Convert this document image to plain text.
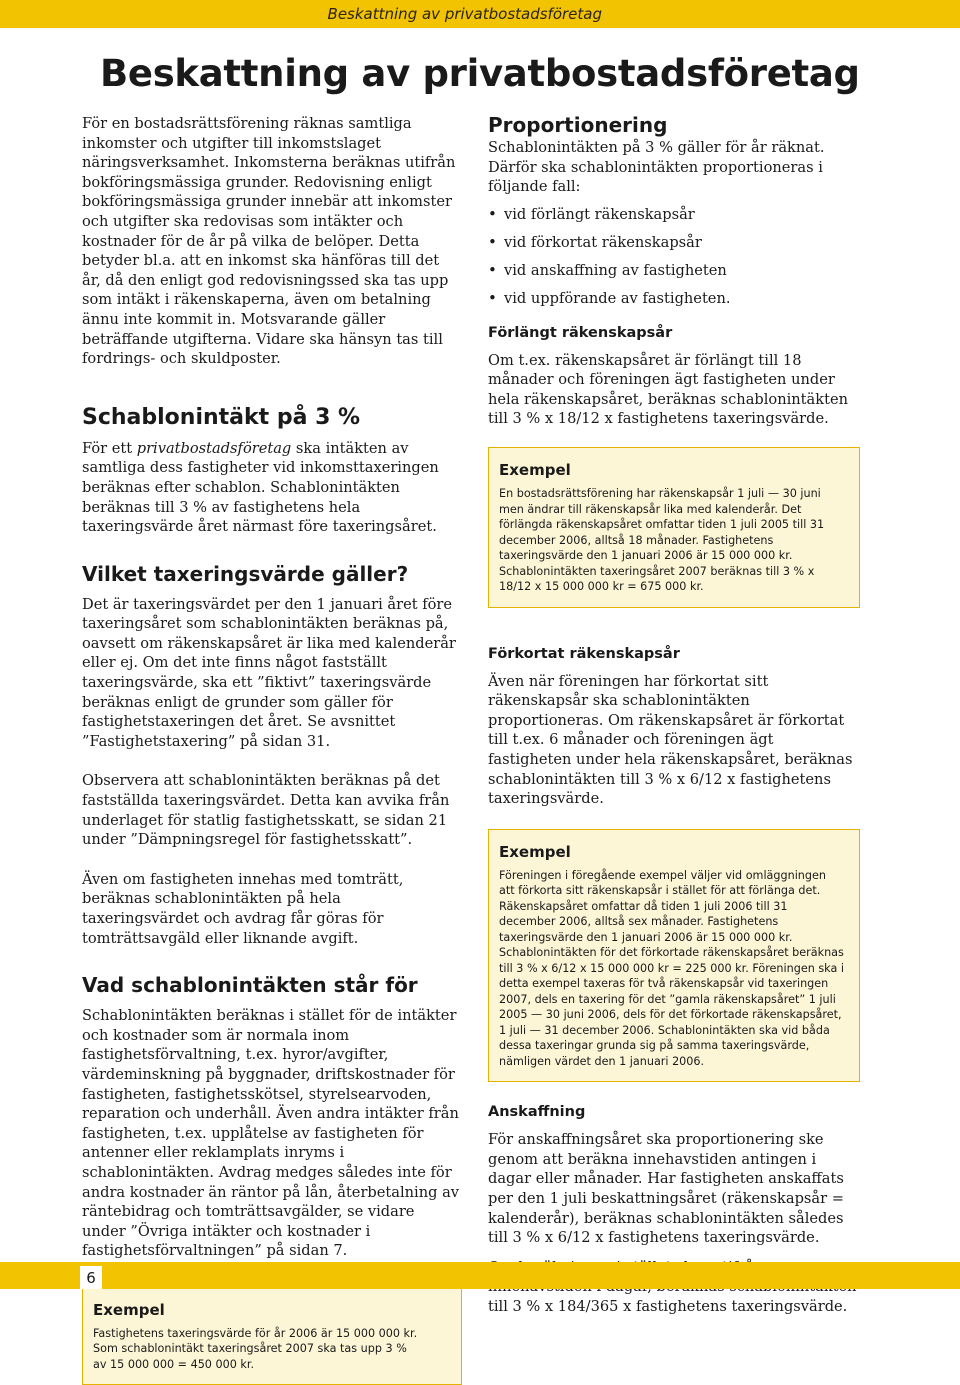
Beskattning av privatbostadsföretag
Beskattning av privatbostadsföretag

För en bostadsrättsförening räknas samtliga inkomster och utgifter till inkomstslaget näringsverksamhet. Inkomsterna beräknas utifrån bokföringsmässiga grunder. Redovisning enligt bokföringsmässiga grunder innebär att inkomster och utgifter ska redovisas som intäkter och kostnader för de år på vilka de belöper. Detta betyder bl.a. att en inkomst ska hänföras till det år, då den enligt god redovisningssed ska tas upp som intäkt i räkenskaperna, även om betalning ännu inte kommit in. Motsvarande gäller beträffande utgifterna. Vidare ska hänsyn tas till fordrings- och skuldposter.

Schablonintäkt på 3 %

För ett privatbostadsföretag ska intäkten av samtliga dess fastigheter vid inkomsttaxeringen beräknas efter schablon. Schablonintäkten beräknas till 3 % av fastighetens hela taxeringsvärde året närmast före taxeringsåret.

Vilket taxeringsvärde gäller?

Det är taxeringsvärdet per den 1 januari året före taxeringsåret som schablonintäkten beräknas på, oavsett om räkenskapsåret är lika med kalenderår eller ej. Om det inte finns något fastställt taxeringsvärde, ska ett ”fiktivt” taxeringsvärde beräknas enligt de grunder som gäller för fastighetstaxeringen det året. Se avsnittet ”Fastighetstaxering” på sidan 31.

Observera att schablonintäkten beräknas på det fastställda taxeringsvärdet. Detta kan avvika från underlaget för statlig fastighetsskatt, se sidan 21 under ”Dämpningsregel för fastighetsskatt”.

Även om fastigheten innehas med tomträtt, beräknas schablonintäkten på hela taxeringsvärdet och avdrag får göras för tomträttsavgäld eller liknande avgift.

Vad schablonintäkten står för

Schablonintäkten beräknas i stället för de intäkter och kostnader som är normala inom fastighetsförvaltning, t.ex. hyror/avgifter, värdeminskning på byggnader, driftskostnader för fastigheten, fastighetsskötsel, styrelsearvoden, reparation och underhåll. Även andra intäkter från fastigheten, t.ex. upplåtelse av fastigheten för antenner eller reklamplats inryms i schablonintäkten. Avdrag medges således inte för andra kostnader än räntor på lån, återbetalning av räntebidrag och tomträttsavgälder, se vidare under ”Övriga intäkter och kostnader i fastighetsförvaltningen” på sidan 7.

Exempel
Fastighetens taxeringsvärde för år 2006 är 15 000 000 kr.
Som schablonintäkt taxeringsåret 2007 ska tas upp 3 %
av 15 000 000 = 450 000 kr.
Proportionering

Schablonintäkten på 3 % gäller för år räknat. Därför ska schablonintäkten proportioneras i följande fall:

• vid förlängt räkenskapsår
• vid förkortat räkenskapsår
• vid anskaffning av fastigheten
• vid uppförande av fastigheten.
Förlängt räkenskapsår

Om t.ex. räkenskapsåret är förlängt till 18 månader och föreningen ägt fastigheten under hela räkenskapsåret, beräknas schablonintäkten till 3 % x 18/12 x fastighetens taxeringsvärde.

Exempel

En bostadsrättsförening har räkenskapsår 1 juli — 30 juni men ändrar till räkenskapsår lika med kalenderår. Det förlängda räkenskapsåret omfattar tiden 1 juli 2005 till 31 december 2006, alltså 18 månader. Fastighetens taxeringsvärde den 1 januari 2006 är 15 000 000 kr. Schablonintäkten taxeringsåret 2007 beräknas till 3 % x 18/12 x 15 000 000 kr = 675 000 kr.

Förkortat räkenskapsår

Även när föreningen har förkortat sitt räkenskapsår ska schablonintäkten proportioneras. Om räkenskapsåret är förkortat till t.ex. 6 månader och föreningen ägt fastigheten under hela räkenskapsåret, beräknas schablonintäkten till 3 % x 6/12 x fastighetens taxeringsvärde.

Exempel

Föreningen i föregående exempel väljer vid omläggningen att förkorta sitt räkenskapsår i stället för att förlänga det. Räkenskapsåret omfattar då tiden 1 juli 2006 till 31 december 2006, alltså sex månader. Fastighetens taxeringsvärde den 1 januari 2006 är 15 000 000 kr. Schablonintäkten för det förkortade räkenskapsåret beräknas till 3 % x 6/12 x 15 000 000 kr = 225 000 kr. Föreningen ska i detta exempel taxeras för två räkenskapsår vid taxeringen 2007, dels en taxering för det ”gamla räkenskapsåret” 1 juli 2005 — 30 juni 2006, dels för det förkortade räkenskapsåret, 1 juli — 31 december 2006. Schablonintäkten ska vid båda dessa taxeringar grunda sig på samma taxeringsvärde, nämligen värdet den 1 januari 2006.

Anskaffning

För anskaffningsåret ska proportionering ske genom att beräkna innehavstiden antingen i dagar eller månader. Har fastigheten anskaffats per den 1 juli beskattningsåret (räkenskapsår = kalenderår), beräknas schablonintäkten således till 3 % x 6/12 x fastighetens taxeringsvärde.

till 3 % x 184/365 x fastighetens taxeringsvärde.

6
